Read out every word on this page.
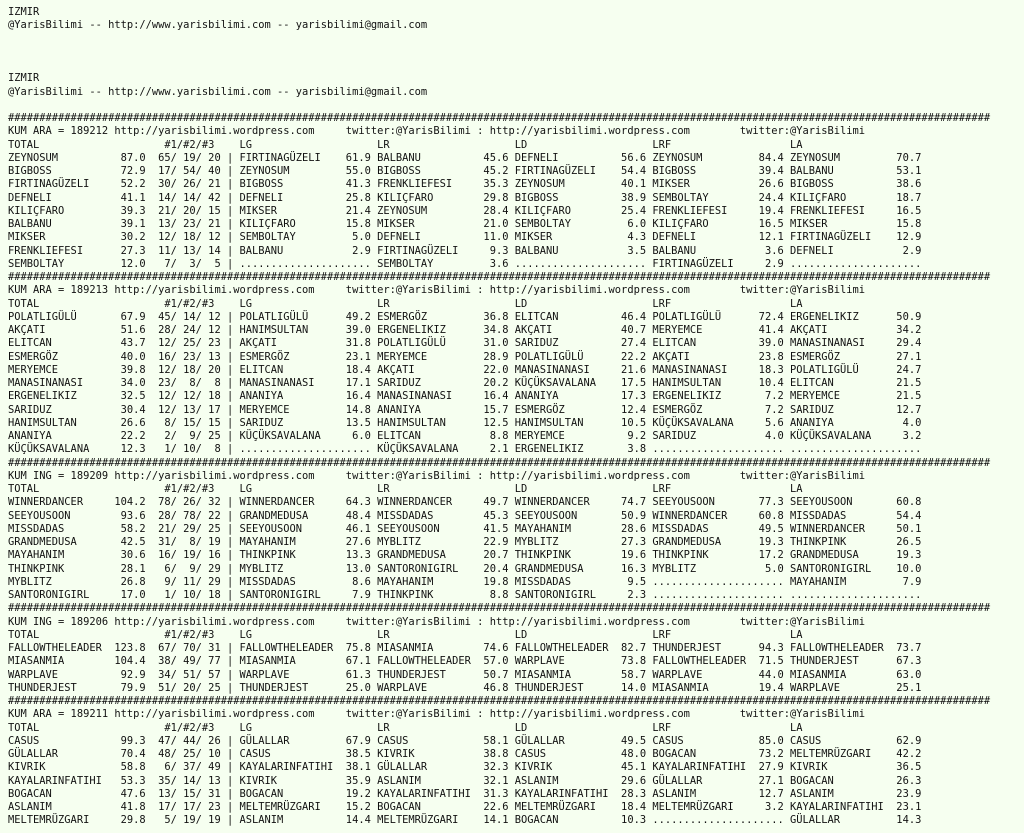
IZMIR
@YarisBilimi -- http://www.yarisbilimi.com -- yarisbilimi@gmail.com

IZMIR
@YarisBilimi -- http://www.yarisbilimi.com -- yarisbilimi@gmail.com

#############################################################################################################################################################
KUM ARA = 189212 http://yarisbilimi.wordpress.com     twitter:@YarisBilimi : http://yarisbilimi.wordpress.com        twitter:@YarisBilimi
TOTAL                    #1/#2/#3    LG                    LR                    LD                    LRF                   LA
ZEYNOSUM          87.0  65/ 19/ 20 | FIRTINAGÜZELI    61.9 BALBANU          45.6 DEFNELI          56.6 ZEYNOSUM         84.4 ZEYNOSUM         70.7
BIGBOSS           72.9  17/ 54/ 40 | ZEYNOSUM         55.0 BIGBOSS          45.2 FIRTINAGÜZELI    54.4 BIGBOSS          39.4 BALBANU          53.1
FIRTINAGÜZELI     52.2  30/ 26/ 21 | BIGBOSS          41.3 FRENKLIEFESI     35.3 ZEYNOSUM         40.1 MIKSER           26.6 BIGBOSS          38.6
DEFNELI           41.1  14/ 14/ 42 | DEFNELI          25.8 KILIÇFARO        29.8 BIGBOSS          38.9 SEMBOLTAY        24.4 KILIÇFARO        18.7
KILIÇFARO         39.3  21/ 20/ 15 | MIKSER           21.4 ZEYNOSUM         28.4 KILIÇFARO        25.4 FRENKLIEFESI     19.4 FRENKLIEFESI     16.5
BALBANU           39.1  13/ 23/ 21 | KILIÇFARO        15.8 MIKSER           21.0 SEMBOLTAY         6.0 KILIÇFARO        16.5 MIKSER           15.8
MIKSER            30.2  12/ 18/ 12 | SEMBOLTAY         5.0 DEFNELI          11.0 MIKSER            4.3 DEFNELI          12.1 FIRTINAGÜZELI    12.9
FRENKLIEFESI      27.3  11/ 13/ 14 | BALBANU           2.9 FIRTINAGÜZELI     9.3 BALBANU           3.5 BALBANU           3.6 DEFNELI           2.9
SEMBOLTAY         12.0   7/  3/  5 | ..................... SEMBOLTAY         3.6 ..................... FIRTINAGÜZELI     2.9 .....................
#############################################################################################################################################################
KUM ARA = 189213 http://yarisbilimi.wordpress.com     twitter:@YarisBilimi : http://yarisbilimi.wordpress.com        twitter:@YarisBilimi
TOTAL                    #1/#2/#3    LG                    LR                    LD                    LRF                   LA
POLATLIGÜLÜ       67.9  45/ 14/ 12 | POLATLIGÜLÜ      49.2 ESMERGÖZ         36.8 ELITCAN          46.4 POLATLIGÜLÜ      72.4 ERGENELIKIZ      50.9
AKÇATI            51.6  28/ 24/ 12 | HANIMSULTAN      39.0 ERGENELIKIZ      34.8 AKÇATI           40.7 MERYEMCE         41.4 AKÇATI           34.2
ELITCAN           43.7  12/ 25/ 23 | AKÇATI           31.8 POLATLIGÜLÜ      31.0 SARIDUZ          27.4 ELITCAN          39.0 MANASINANASI     29.4
ESMERGÖZ          40.0  16/ 23/ 13 | ESMERGÖZ         23.1 MERYEMCE         28.9 POLATLIGÜLÜ      22.2 AKÇATI           23.8 ESMERGÖZ         27.1
MERYEMCE          39.8  12/ 18/ 20 | ELITCAN          18.4 AKÇATI           22.0 MANASINANASI     21.6 MANASINANASI     18.3 POLATLIGÜLÜ      24.7
MANASINANASI      34.0  23/  8/  8 | MANASINANASI     17.1 SARIDUZ          20.2 KÜÇÜKSAVALANA    17.5 HANIMSULTAN      10.4 ELITCAN          21.5
ERGENELIKIZ       32.5  12/ 12/ 18 | ANANIYA          16.4 MANASINANASI     16.4 ANANIYA          17.3 ERGENELIKIZ       7.2 MERYEMCE         21.5
SARIDUZ           30.4  12/ 13/ 17 | MERYEMCE         14.8 ANANIYA          15.7 ESMERGÖZ         12.4 ESMERGÖZ          7.2 SARIDUZ          12.7
HANIMSULTAN       26.6   8/ 15/ 15 | SARIDUZ          13.5 HANIMSULTAN      12.5 HANIMSULTAN      10.5 KÜÇÜKSAVALANA     5.6 ANANIYA           4.0
ANANIYA           22.2   2/  9/ 25 | KÜÇÜKSAVALANA     6.0 ELITCAN           8.8 MERYEMCE          9.2 SARIDUZ           4.0 KÜÇÜKSAVALANA     3.2
KÜÇÜKSAVALANA     12.3   1/ 10/  8 | ..................... KÜÇÜKSAVALANA     2.1 ERGENELIKIZ       3.8 ..................... .....................
#############################################################################################################################################################
KUM ING = 189209 http://yarisbilimi.wordpress.com     twitter:@YarisBilimi : http://yarisbilimi.wordpress.com        twitter:@YarisBilimi
TOTAL                    #1/#2/#3    LG                    LR                    LD                    LRF                   LA
WINNERDANCER     104.2  78/ 26/ 32 | WINNERDANCER     64.3 WINNERDANCER     49.7 WINNERDANCER     74.7 SEEYOUSOON       77.3 SEEYOUSOON       60.8
SEEYOUSOON        93.6  28/ 78/ 22 | GRANDMEDUSA      48.4 MISSDADAS        45.3 SEEYOUSOON       50.9 WINNERDANCER     60.8 MISSDADAS        54.4
MISSDADAS         58.2  21/ 29/ 25 | SEEYOUSOON       46.1 SEEYOUSOON       41.5 MAYAHANIM        28.6 MISSDADAS        49.5 WINNERDANCER     50.1
GRANDMEDUSA       42.5  31/  8/ 19 | MAYAHANIM        27.6 MYBLITZ          22.9 MYBLITZ          27.3 GRANDMEDUSA      19.3 THINKPINK        26.5
MAYAHANIM         30.6  16/ 19/ 16 | THINKPINK        13.3 GRANDMEDUSA      20.7 THINKPINK        19.6 THINKPINK        17.2 GRANDMEDUSA      19.3
THINKPINK         28.1   6/  9/ 29 | MYBLITZ          13.0 SANTORONIGIRL    20.4 GRANDMEDUSA      16.3 MYBLITZ           5.0 SANTORONIGIRL    10.0
MYBLITZ           26.8   9/ 11/ 29 | MISSDADAS         8.6 MAYAHANIM        19.8 MISSDADAS         9.5 ..................... MAYAHANIM         7.9
SANTORONIGIRL     17.0   1/ 10/ 18 | SANTORONIGIRL     7.9 THINKPINK         8.8 SANTORONIGIRL     2.3 ..................... .....................
#############################################################################################################################################################
KUM ING = 189206 http://yarisbilimi.wordpress.com     twitter:@YarisBilimi : http://yarisbilimi.wordpress.com        twitter:@YarisBilimi
TOTAL                    #1/#2/#3    LG                    LR                    LD                    LRF                   LA
FALLOWTHELEADER  123.8  67/ 70/ 31 | FALLOWTHELEADER  75.8 MIASANMIA        74.6 FALLOWTHELEADER  82.7 THUNDERJEST      94.3 FALLOWTHELEADER  73.7
MIASANMIA        104.4  38/ 49/ 77 | MIASANMIA        67.1 FALLOWTHELEADER  57.0 WARPLAVE         73.8 FALLOWTHELEADER  71.5 THUNDERJEST      67.3
WARPLAVE          92.9  34/ 51/ 57 | WARPLAVE         61.3 THUNDERJEST      50.7 MIASANMIA        58.7 WARPLAVE         44.0 MIASANMIA        63.0
THUNDERJEST       79.9  51/ 20/ 25 | THUNDERJEST      25.0 WARPLAVE         46.8 THUNDERJEST      14.0 MIASANMIA        19.4 WARPLAVE         25.1
#############################################################################################################################################################
KUM ARA = 189211 http://yarisbilimi.wordpress.com     twitter:@YarisBilimi : http://yarisbilimi.wordpress.com        twitter:@YarisBilimi
TOTAL                    #1/#2/#3    LG                    LR                    LD                    LRF                   LA
CASUS             99.3  47/ 44/ 26 | GÜLALLAR         67.9 CASUS            58.1 GÜLALLAR         49.5 CASUS            85.0 CASUS            62.9
GÜLALLAR          70.4  48/ 25/ 10 | CASUS            38.5 KIVRIK           38.8 CASUS            48.0 BOGACAN          73.2 MELTEMRÜZGARI    42.2
KIVRIK            58.8   6/ 37/ 49 | KAYALARINFATIHI  38.1 GÜLALLAR         32.3 KIVRIK           45.1 KAYALARINFATIHI  27.9 KIVRIK           36.5
KAYALARINFATIHI   53.3  35/ 14/ 13 | KIVRIK           35.9 ASLANIM          32.1 ASLANIM          29.6 GÜLALLAR         27.1 BOGACAN          26.3
BOGACAN           47.6  13/ 15/ 31 | BOGACAN          19.2 KAYALARINFATIHI  31.3 KAYALARINFATIHI  28.3 ASLANIM          12.7 ASLANIM          23.9
ASLANIM           41.8  17/ 17/ 23 | MELTEMRÜZGARI    15.2 BOGACAN          22.6 MELTEMRÜZGARI    18.4 MELTEMRÜZGARI     3.2 KAYALARINFATIHI  23.1
MELTEMRÜZGARI     29.8   5/ 19/ 19 | ASLANIM          14.4 MELTEMRÜZGARI    14.1 BOGACAN          10.3 ..................... GÜLALLAR         14.3
